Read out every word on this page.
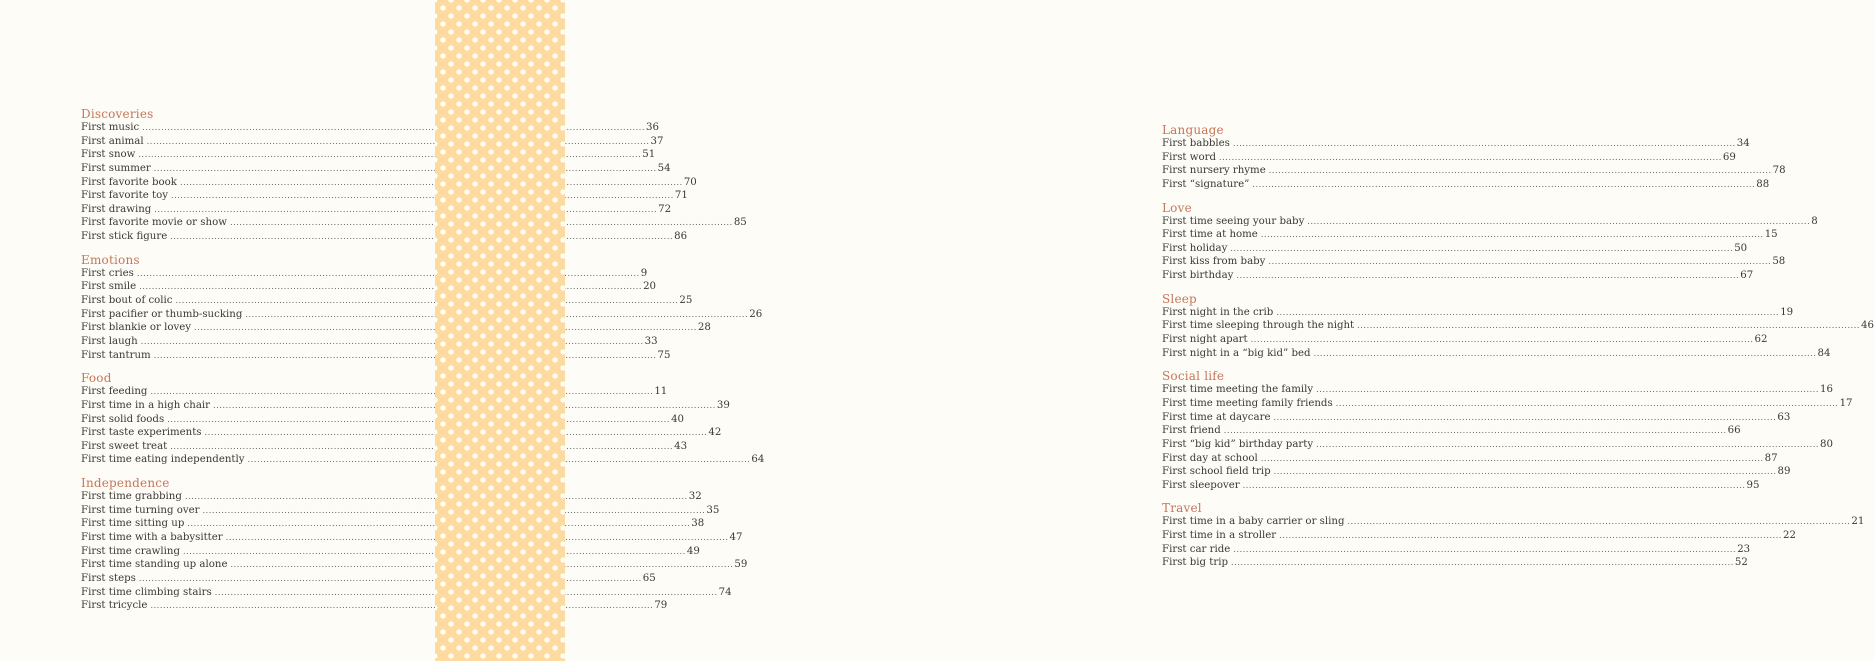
Discoveries
First music .....	36
First animal .....	37
First snow .....	51
First summer .....	54
First favorite book .....	70
First favorite toy .....	71
First drawing .....	72
First favorite movie or show .....	85
First stick figure .....	86
Emotions
First cries .....	9
First smile .....	20
First bout of colic .....	25
First pacifier or thumb-sucking .....	26
First blankie or lovey .....	28
First laugh .....	33
First tantrum .....	75
Food
First feeding .....	11
First time in a high chair .....	39
First solid foods .....	40
First taste experiments .....	42
First sweet treat .....	43
First time eating independently .....	64
Independence
First time grabbing .....	32
First time turning over .....	35
First time sitting up .....	38
First time with a babysitter .....	47
First time crawling .....	49
First time standing up alone .....	59
First steps .....	65
First time climbing stairs .....	74
First tricycle .....	79
Language
First babbles .....	34
First word .....	69
First nursery rhyme .....	78
First “signature” .....	88
Love
First time seeing your baby .....	8
First time at home .....	15
First holiday .....	50
First kiss from baby .....	58
First birthday .....	67
Sleep
First night in the crib .....	19
First time sleeping through the night .....	46
First night apart .....	62
First night in a “big kid” bed .....	84
Social life
First time meeting the family .....	16
First time meeting family friends .....	17
First time at daycare .....	63
First friend .....	66
First “big kid” birthday party .....	80
First day at school .....	87
First school field trip .....	89
First sleepover .....	95
Travel
First time in a baby carrier or sling .....	21
First time in a stroller .....	22
First car ride .....	23
First big trip .....	52
